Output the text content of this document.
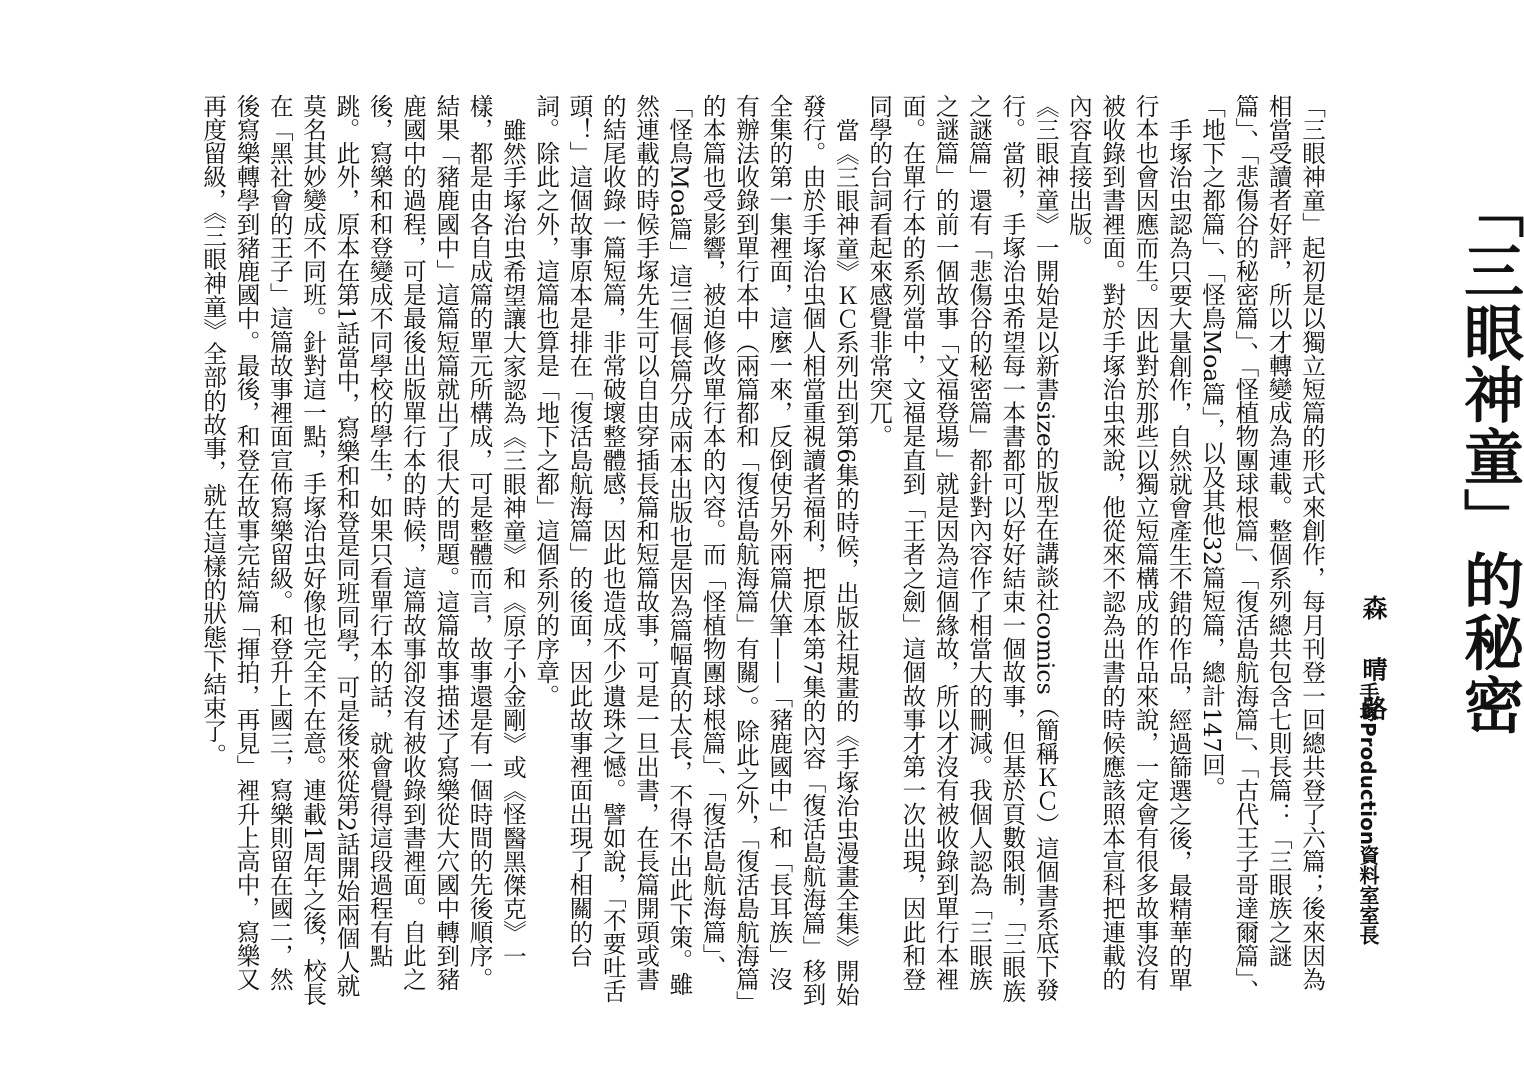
「三眼神童」的秘密
森 晴路
手塚Production資料室室長

「三眼神童」起初是以獨立短篇的形式來創作，每月刊登一回總共登了六篇；後來因為相當受讀者好評，所以才轉變成為連載。整個系列總共包含七則長篇：「三眼族之謎篇」、「悲傷谷的秘密篇」、「怪植物團球根篇」、「復活島航海篇」、「古代王子哥達爾篇」、「地下之都篇」、「怪鳥Moa篇」，以及其他32篇短篇，總計147回。

手塚治虫認為只要大量創作，自然就會產生不錯的作品，經過篩選之後，最精華的單行本也會因應而生。因此對於那些以獨立短篇構成的作品來說，一定會有很多故事沒有被收錄到書裡面。對於手塚治虫來說，他從來不認為出書的時候應該照本宣科把連載的內容直接出版。

《三眼神童》一開始是以新書size的版型在講談社comics（簡稱ＫＣ）這個書系底下發行。當初，手塚治虫希望每一本書都可以好好結束一個故事，但基於頁數限制，「三眼族之謎篇」還有「悲傷谷的秘密篇」都針對內容作了相當大的刪減。我個人認為「三眼族之謎篇」的前一個故事「文福登場」就是因為這個緣故，所以才沒有被收錄到單行本裡面。在單行本的系列當中，文福是直到「王者之劍」這個故事才第一次出現，因此和登同學的台詞看起來感覺非常突兀。

當《三眼神童》ＫＣ系列出到第6集的時候，出版社規畫的《手塚治虫漫畫全集》開始發行。由於手塚治虫個人相當重視讀者福利，把原本第7集的內容「復活島航海篇」移到全集的第一集裡面，這麼一來，反倒使另外兩篇伏筆——「豬鹿國中」和「長耳族」沒有辦法收錄到單行本中（兩篇都和「復活島航海篇」有關）。除此之外，「復活島航海篇」的本篇也受影響，被迫修改單行本的內容。而「怪植物團球根篇」、「復活島航海篇」、「怪鳥Moa篇」這三個長篇分成兩本出版也是因為篇幅真的太長，不得不出此下策。雖然連載的時候手塚先生可以自由穿插長篇和短篇故事，可是一旦出書，在長篇開頭或書的結尾收錄一篇短篇，非常破壞整體感，因此也造成不少遺珠之憾。譬如說，「不要吐舌頭！」這個故事原本是排在「復活島航海篇」的後面，因此故事裡面出現了相關的台詞。除此之外，這篇也算是「地下之都」這個系列的序章。

雖然手塚治虫希望讓大家認為《三眼神童》和《原子小金剛》或《怪醫黑傑克》一樣，都是由各自成篇的單元所構成，可是整體而言，故事還是有一個時間的先後順序。結果「豬鹿國中」這篇短篇就出了很大的問題。這篇故事描述了寫樂從大穴國中轉到豬鹿國中的過程，可是最後出版單行本的時候，這篇故事卻沒有被收錄到書裡面。自此之後，寫樂和和登變成不同學校的學生，如果只看單行本的話，就會覺得這段過程有點跳。此外，原本在第1話當中，寫樂和和登是同班同學，可是後來從第2話開始兩個人就莫名其妙變成不同班。針對這一點，手塚治虫好像也完全不在意。連載1周年之後，校長在「黑社會的王子」這篇故事裡面宣佈寫樂留級。和登升上國三，寫樂則留在國二，然後寫樂轉學到豬鹿國中。最後，和登在故事完結篇「揮拍，再見」裡升上高中，寫樂又再度留級，《三眼神童》全部的故事，就在這樣的狀態下結束了。
